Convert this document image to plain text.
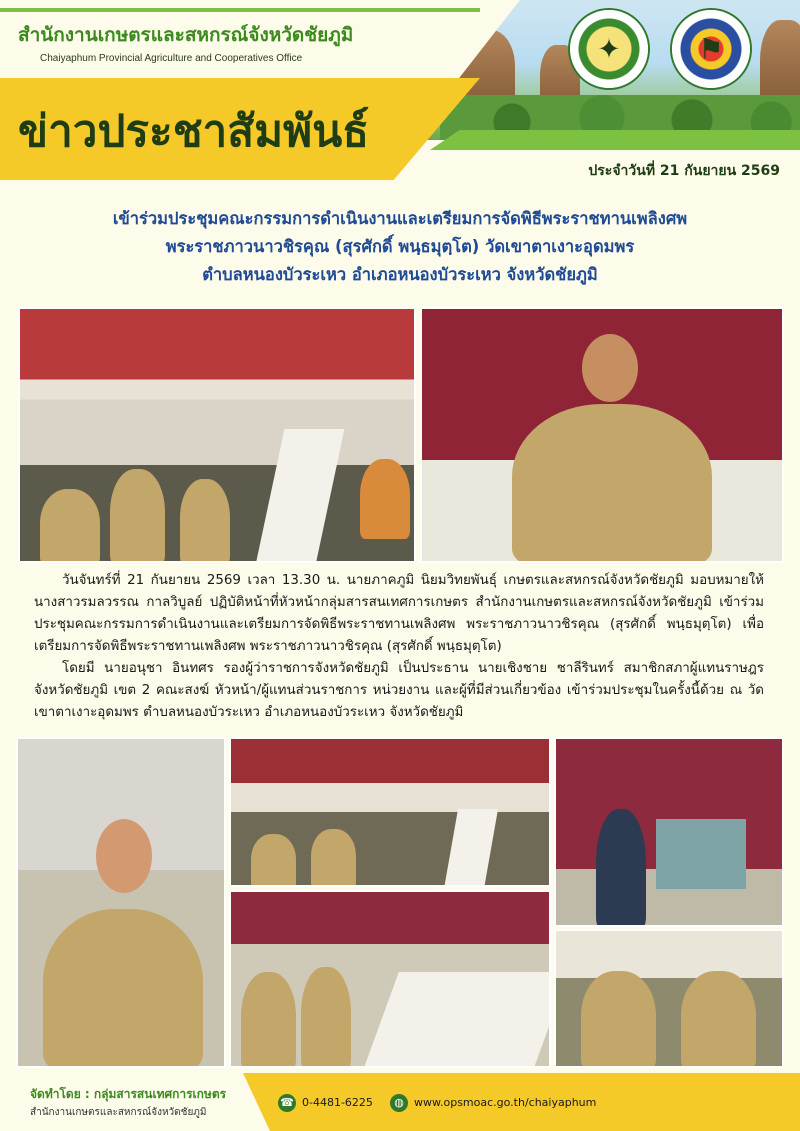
สำนักงานเกษตรและสหกรณ์จังหวัดชัยภูมิ
Chaiyaphum Provincial Agriculture and Cooperatives Office	✦	⚑
ข่าวประชาสัมพันธ์
ประจำวันที่ 21 กันยายน 2569
เข้าร่วมประชุมคณะกรรมการดำเนินงานและเตรียมการจัดพิธีพระราชทานเพลิงศพ
พระราชภาวนาวชิรคุณ (สุรศักดิ์ พนฺธมุตฺโต) วัดเขาตาเงาะอุดมพร
ตำบลหนองบัวระเหว อำเภอหนองบัวระเหว จังหวัดชัยภูมิ

วันจันทร์ที่ 21 กันยายน 2569 เวลา 13.30 น. นายภาคภูมิ นิยมวิทยพันธุ์ เกษตรและสหกรณ์จังหวัดชัยภูมิ มอบหมายให้นางสาวรมลวรรณ กาลวิบูลย์ ปฏิบัติหน้าที่หัวหน้ากลุ่มสารสนเทศการเกษตร สำนักงานเกษตรและสหกรณ์จังหวัดชัยภูมิ เข้าร่วมประชุมคณะกรรมการดำเนินงานและเตรียมการจัดพิธีพระราชทานเพลิงศพ พระราชภาวนาวชิรคุณ (สุรศักดิ์ พนฺธมุตฺโต) เพื่อเตรียมการจัดพิธีพระราชทานเพลิงศพ พระราชภาวนาวชิรคุณ (สุรศักดิ์ พนฺธมุตฺโต)

โดยมี นายอนุชา อินทศร รองผู้ว่าราชการจังหวัดชัยภูมิ เป็นประธาน นายเชิงชาย ชาลีรินทร์ สมาชิกสภาผู้แทนราษฎร จังหวัดชัยภูมิ เขต 2 คณะสงฆ์ หัวหน้า/ผู้แทนส่วนราชการ หน่วยงาน และผู้ที่มีส่วนเกี่ยวข้อง เข้าร่วมประชุมในครั้งนี้ด้วย ณ วัดเขาตาเงาะอุดมพร ตำบลหนองบัวระเหว อำเภอหนองบัวระเหว จังหวัดชัยภูมิ

จัดทำโดย : กลุ่มสารสนเทศการเกษตร
สำนักงานเกษตรและสหกรณ์จังหวัดชัยภูมิ
☎ 0-4481-6225	◍ www.opsmoac.go.th/chaiyaphum
